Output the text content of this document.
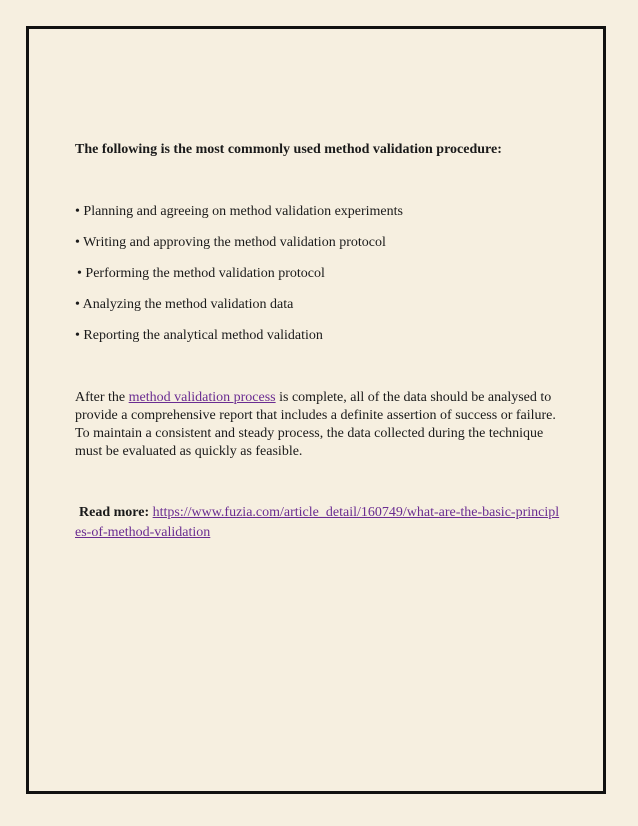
The following is the most commonly used method validation procedure:

• Planning and agreeing on method validation experiments
• Writing and approving the method validation protocol
• Performing the method validation protocol
• Analyzing the method validation data
• Reporting the analytical method validation

After the method validation process is complete, all of the data should be analysed to provide a comprehensive report that includes a definite assertion of success or failure. To maintain a consistent and steady process, the data collected during the technique must be evaluated as quickly as feasible.

Read more: https://www.fuzia.com/article_detail/160749/what-are-the-basic-principles-of-method-validation
